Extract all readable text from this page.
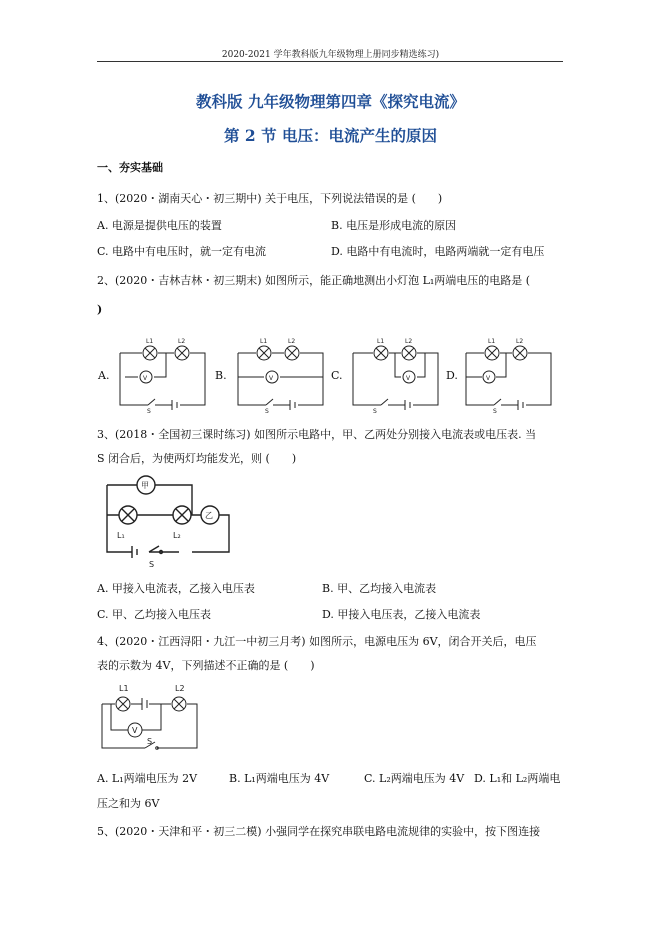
2020-2021 学年教科版九年级物理上册同步精选练习)
教科版 九年级物理第四章《探究电流》
第 2 节 电压：电流产生的原因
一、夯实基础
1、(2020・湖南天心・初三期中) 关于电压，下列说法错误的是 (　　)
A. 电源是提供电压的装置	B. 电压是形成电流的原因
C. 电路中有电压时，就一定有电流	D. 电路中有电流时，电路两端就一定有电压
2、(2020・吉林吉林・初三期末) 如图所示，能正确地测出小灯泡 L₁两端电压的电路是 (
)
A.	B.	C.	D.
L1	L2
V
S
L1	L2
V
S
L1	L2
V
S
L1	L2
V
S
3、(2018・全国初三课时练习) 如图所示电路中，甲、乙两处分别接入电流表或电压表. 当
S 闭合后，为使两灯均能发光，则 (　　)
甲
乙
L₁	L₂
S
A. 甲接入电流表，乙接入电压表	B. 甲、乙均接入电流表
C. 甲、乙均接入电压表	D. 甲接入电压表，乙接入电流表
4、(2020・江西浔阳・九江一中初三月考) 如图所示，电源电压为 6V，闭合开关后，电压
表的示数为 4V，下列描述不正确的是 (　　)
L1	L2
V
S
A. L₁两端电压为 2V	B. L₁两端电压为 4V	C. L₂两端电压为 4V D. L₁和 L₂两端电
压之和为 6V
5、(2020・天津和平・初三二模) 小强同学在探究串联电路电流规律的实验中，按下图连接
